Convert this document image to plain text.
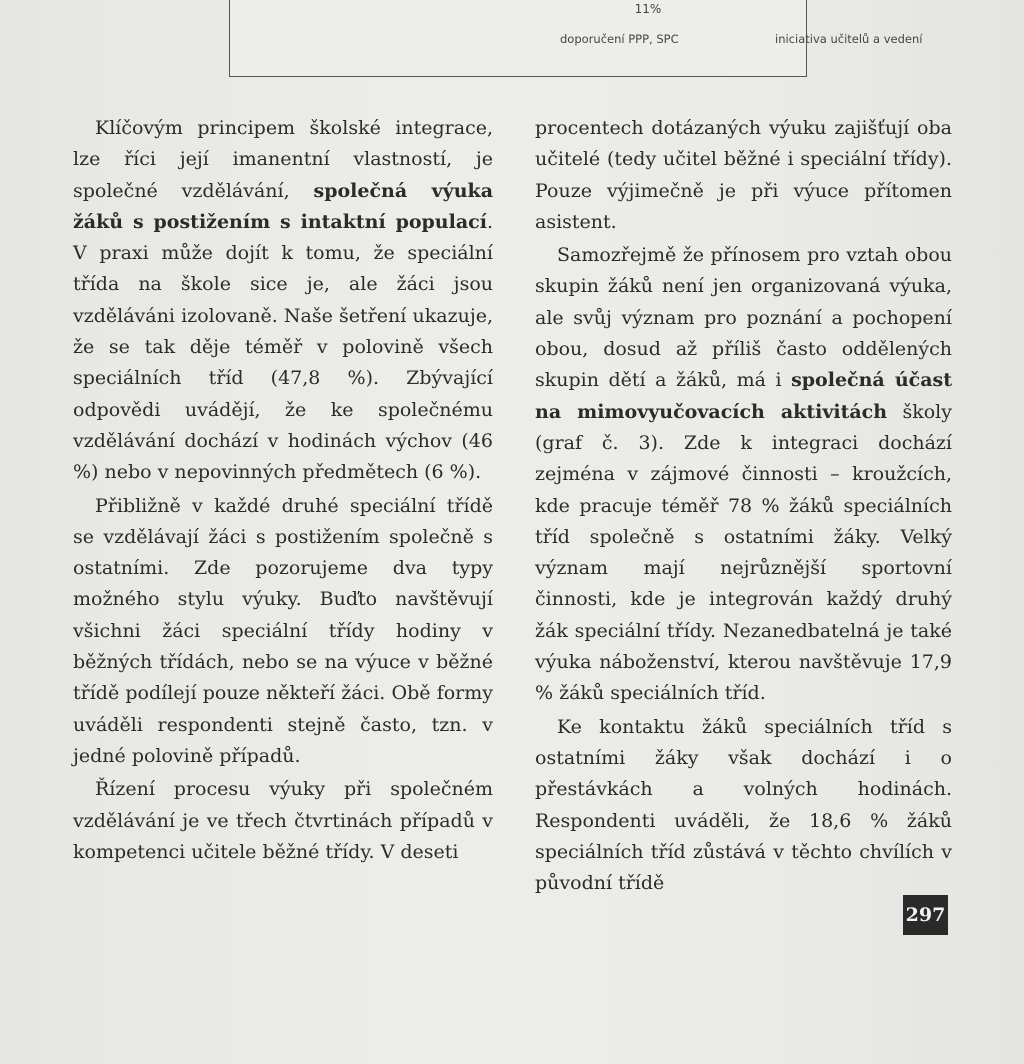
11%
doporučení PPP, SPC	iniciativa učitelů a vedení

Klíčovým principem školské integrace, lze říci její imanentní vlastností, je společné vzdělávání, společná výuka žáků s postižením s intaktní populací. V praxi může dojít k tomu, že speciální třída na škole sice je, ale žáci jsou vzděláváni izolovaně. Naše šetření ukazuje, že se tak děje téměř v polovině všech speciálních tříd (47,8 %). Zbývající odpovědi uvádějí, že ke společnému vzdělávání dochází v hodinách výchov (46 %) nebo v nepovinných předmětech (6 %).

Přibližně v každé druhé speciální třídě se vzdělávají žáci s postižením společně s ostatními. Zde pozorujeme dva typy možného stylu výuky. Buďto navštěvují všichni žáci speciální třídy hodiny v běžných třídách, nebo se na výuce v běžné třídě podílejí pouze někteří žáci. Obě formy uváděli respondenti stejně často, tzn. v jedné polovině případů.

Řízení procesu výuky při společném vzdělávání je ve třech čtvrtinách případů v kompetenci učitele běžné třídy. V deseti

procentech dotázaných výuku zajišťují oba učitelé (tedy učitel běžné i speciální třídy). Pouze výjimečně je při výuce přítomen asistent.

Samozřejmě že přínosem pro vztah obou skupin žáků není jen organizovaná výuka, ale svůj význam pro poznání a pochopení obou, dosud až příliš často oddělených skupin dětí a žáků, má i společná účast na mimovyučovacích aktivitách školy (graf č. 3). Zde k integraci dochází zejména v zájmové činnosti – kroužcích, kde pracuje téměř 78 % žáků speciálních tříd společně s ostatními žáky. Velký význam mají nejrůznější sportovní činnosti, kde je integrován každý druhý žák speciální třídy. Nezanedbatelná je také výuka náboženství, kterou navštěvuje 17,9 % žáků speciálních tříd.

Ke kontaktu žáků speciálních tříd s ostatními žáky však dochází i o přestávkách a volných hodinách. Respondenti uváděli, že 18,6 % žáků speciálních tříd zůstává v těchto chvílích v původní třídě

297
